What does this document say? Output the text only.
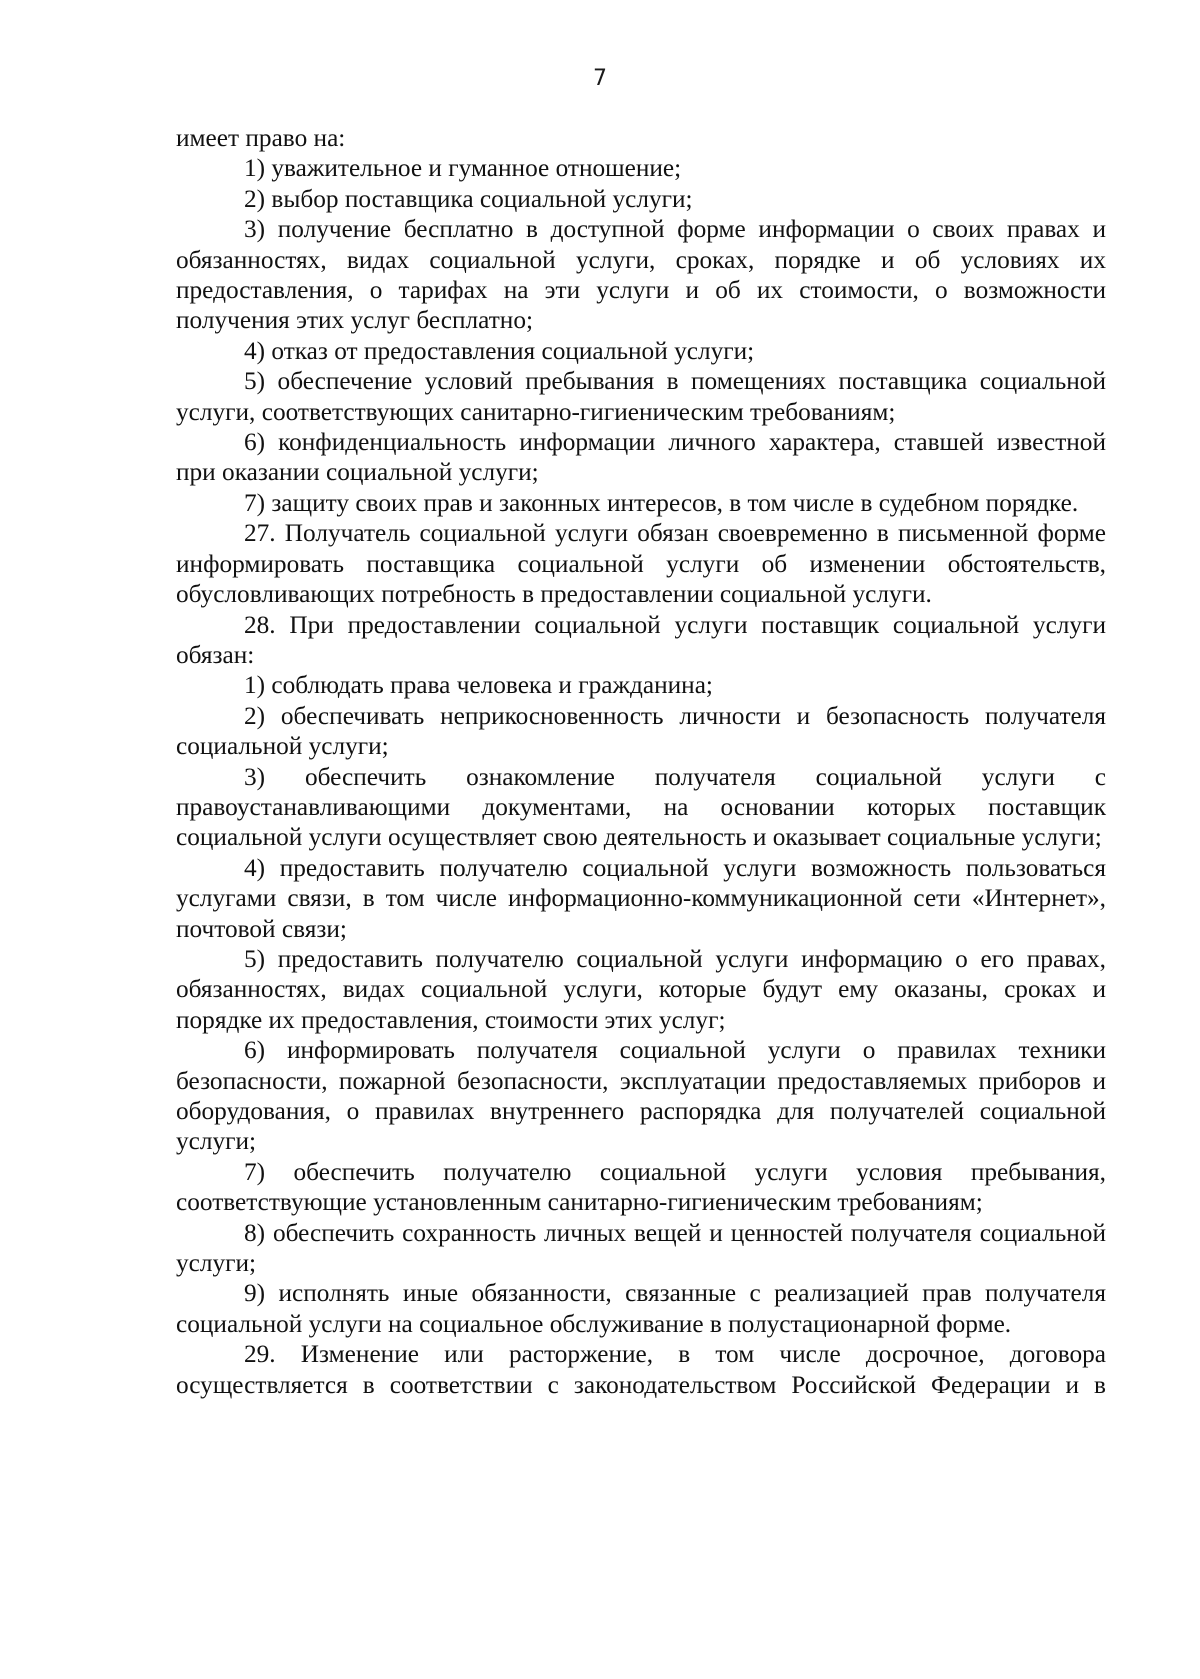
7

имеет право на:

1) уважительное и гуманное отношение;

2) выбор поставщика социальной услуги;

3) получение бесплатно в доступной форме информации о своих правах и обязанностях, видах социальной услуги, сроках, порядке и об условиях их предоставления, о тарифах на эти услуги и об их стоимости, о возможности получения этих услуг бесплатно;

4) отказ от предоставления социальной услуги;

5) обеспечение условий пребывания в помещениях поставщика социальной услуги, соответствующих санитарно-гигиеническим требованиям;

6) конфиденциальность информации личного характера, ставшей известной при оказании социальной услуги;

7) защиту своих прав и законных интересов, в том числе в судебном порядке.

27. Получатель социальной услуги обязан своевременно в письменной форме информировать поставщика социальной услуги об изменении обстоятельств, обусловливающих потребность в предоставлении социальной услуги.

28. При предоставлении социальной услуги поставщик социальной услуги обязан:

1) соблюдать права человека и гражданина;

2) обеспечивать неприкосновенность личности и безопасность получателя социальной услуги;

3) обеспечить ознакомление получателя социальной услуги с правоустанавливающими документами, на основании которых поставщик социальной услуги осуществляет свою деятельность и оказывает социальные услуги;

4) предоставить получателю социальной услуги возможность пользоваться услугами связи, в том числе информационно-коммуникационной сети «Интернет», почтовой связи;

5) предоставить получателю социальной услуги информацию о его правах, обязанностях, видах социальной услуги, которые будут ему оказаны, сроках и порядке их предоставления, стоимости этих услуг;

6) информировать получателя социальной услуги о правилах техники безопасности, пожарной безопасности, эксплуатации предоставляемых приборов и оборудования, о правилах внутреннего распорядка для получателей социальной услуги;

7) обеспечить получателю социальной услуги условия пребывания, соответствующие установленным санитарно-гигиеническим требованиям;

8) обеспечить сохранность личных вещей и ценностей получателя социальной услуги;

9) исполнять иные обязанности, связанные с реализацией прав получателя социальной услуги на социальное обслуживание в полустационарной форме.

29. Изменение или расторжение, в том числе досрочное, договора осуществляется в соответствии с законодательством Российской Федерации и в
